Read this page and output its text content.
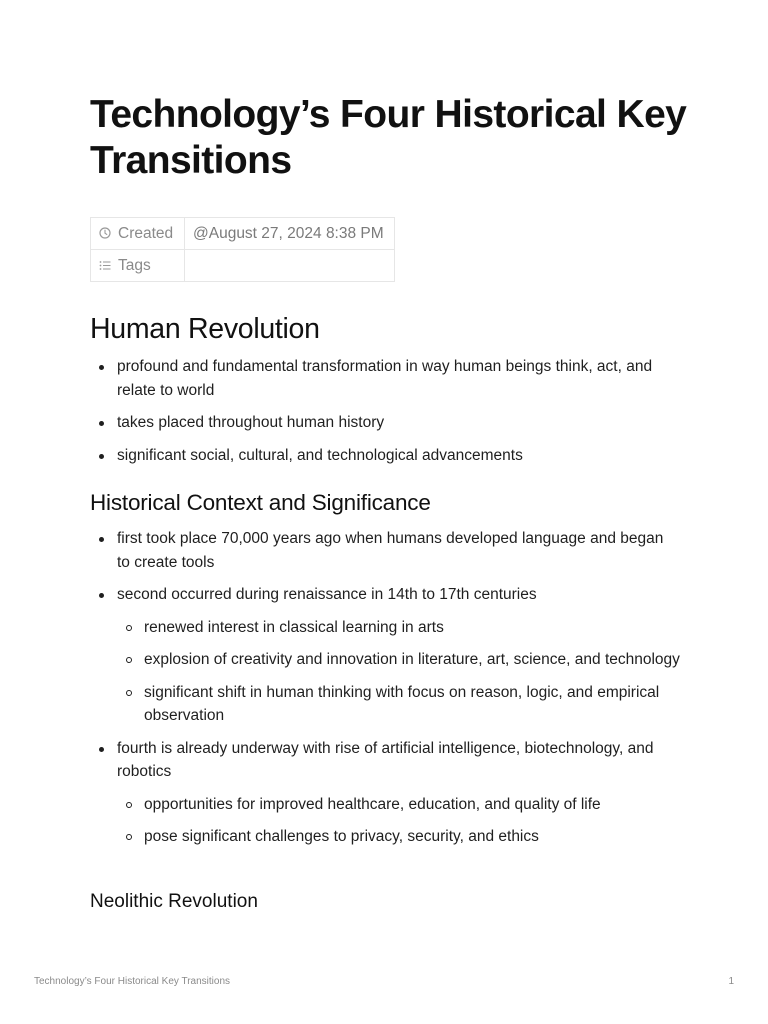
Technology’s Four Historical Key Transitions
Created	@August 27, 2024 8:38 PM

Tags	
Human Revolution
profound and fundamental transformation in way human beings think, act, and relate to world
takes placed throughout human history
significant social, cultural, and technological advancements
Historical Context and Significance
first took place 70,000 years ago when humans developed language and began to create tools
second occurred during renaissance in 14th to 17th centuries
renewed interest in classical learning in arts
explosion of creativity and innovation in literature, art, science, and technology
significant shift in human thinking with focus on reason, logic, and empirical observation
fourth is already underway with rise of artificial intelligence, biotechnology, and robotics
opportunities for improved healthcare, education, and quality of life
pose significant challenges to privacy, security, and ethics
Neolithic Revolution
Technology’s Four Historical Key Transitions	1
